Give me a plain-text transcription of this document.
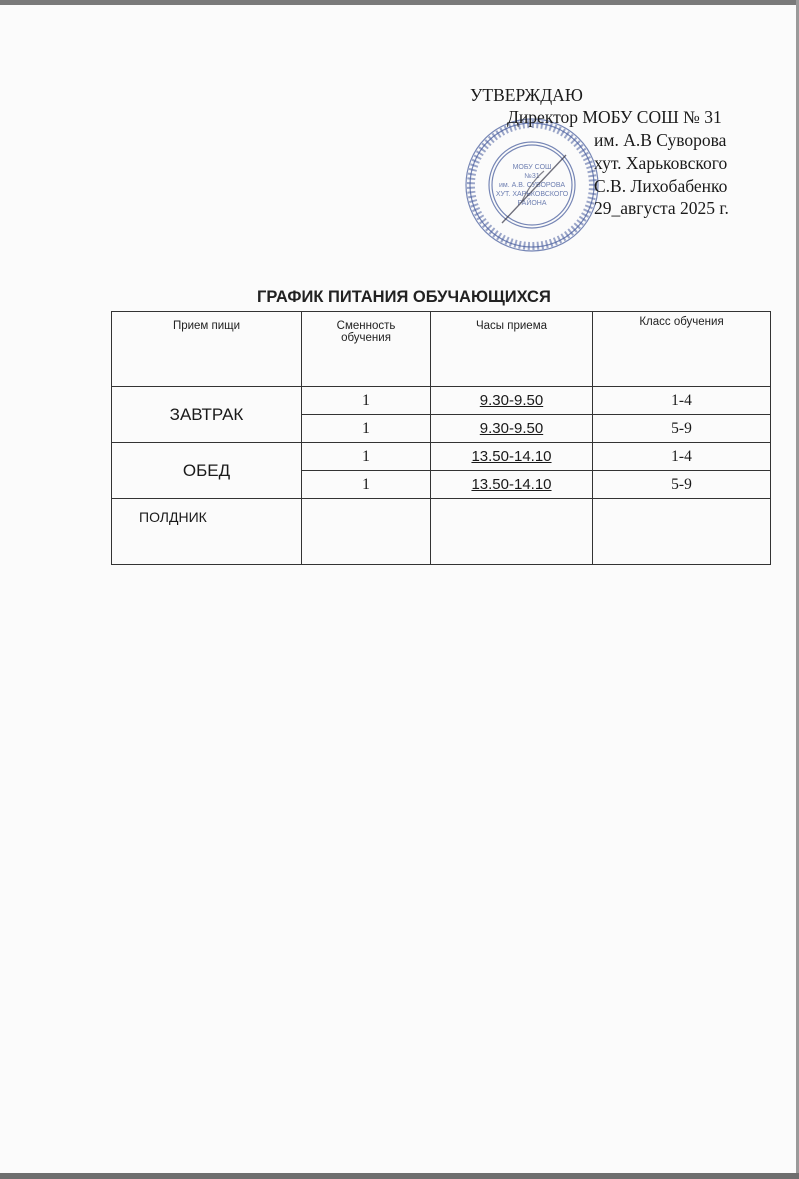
МОБУ СОШ
№31
им. А.В. СУВОРОВА
ХУТ. ХАРЬКОВСКОГО
РАЙОНА
УТВЕРЖДАЮ
Директор МОБУ СОШ № 31
им. А.В Суворова
хут. Харьковского
С.В. Лихобабенко
29_августа 2025 г.
ГРАФИК ПИТАНИЯ ОБУЧАЮЩИХСЯ
Прием пищи	Сменность обучения	Часы приема	Класс обучения
ЗАВТРАК	1	9.30-9.50	1-4
	1	9.30-9.50	5-9
ОБЕД	1	13.50-14.10	1-4
	1	13.50-14.10	5-9
ПОЛДНИК			
